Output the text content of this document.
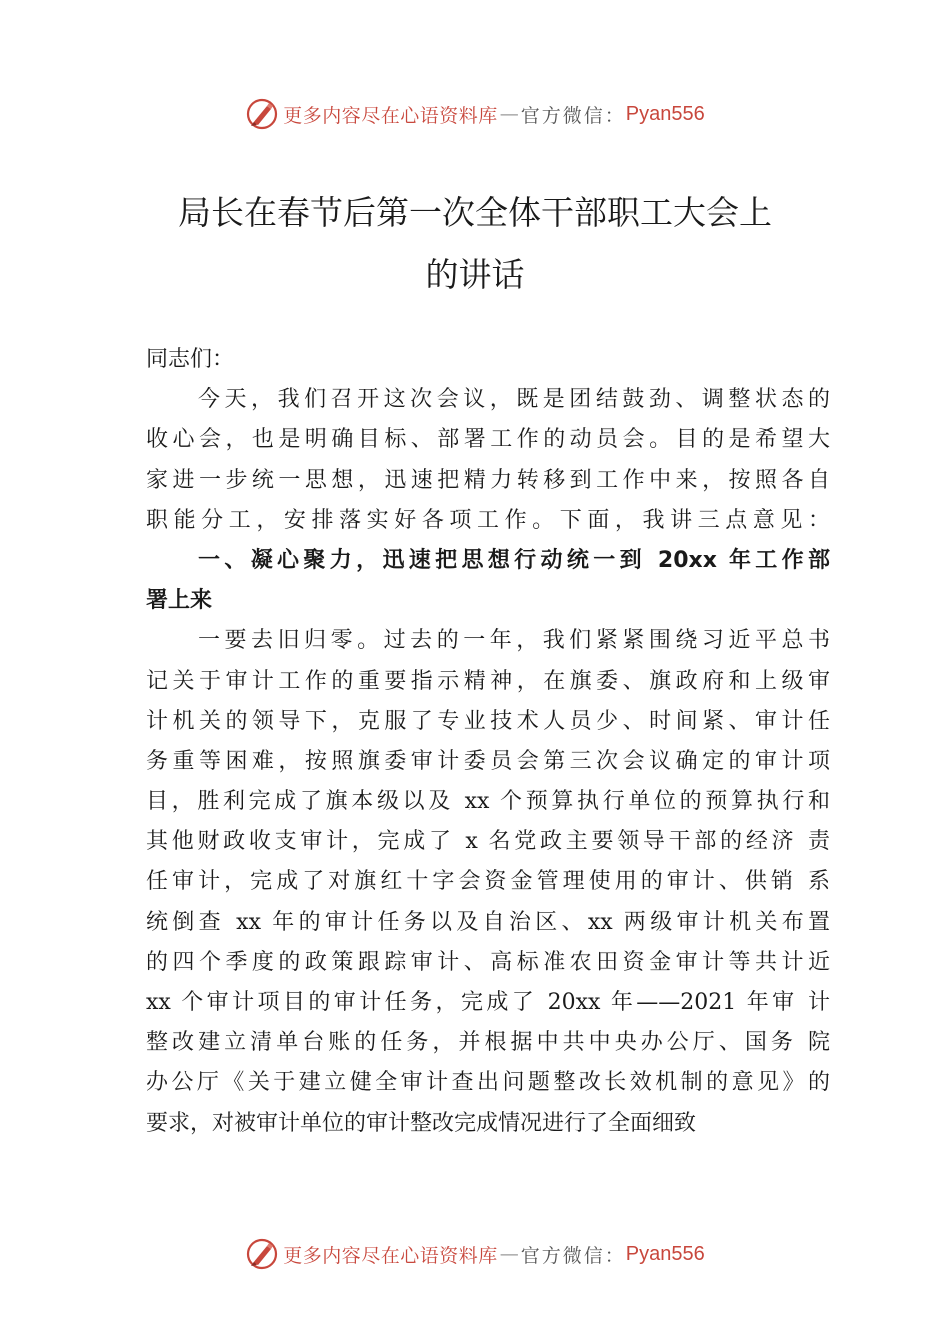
更多内容尽在心语资料库 — 官方微信： Pyan556
局长在春节后第一次全体干部职工大会上
的讲话
同志们：
今天，我们召开这次会议，既是团结鼓劲、调整状态的
收心会，也是明确目标、部署工作的动员会。目的是希望大
家进一步统一思想，迅速把精力转移到工作中来，按照各自
职能分工，安排落实好各项工作。下面，我讲三点意见：
一、凝心聚力，迅速把思想行动统一到 20xx 年工作部
署上来
一要去旧归零。过去的一年，我们紧紧围绕习近平总书
记关于审计工作的重要指示精神，在旗委、旗政府和上级审
计机关的领导下，克服了专业技术人员少、时间紧、审计任
务重等困难，按照旗委审计委员会第三次会议确定的审计项
目，胜利完成了旗本级以及 xx 个预算执行单位的预算执行和
其他财政收支审计，完成了 x 名党政主要领导干部的经济 责
任审计，完成了对旗红十字会资金管理使用的审计、供销 系
统倒查 xx 年的审计任务以及自治区、xx 两级审计机关布置
的四个季度的政策跟踪审计、高标准农田资金审计等共计近
xx 个审计项目的审计任务，完成了 20xx 年——2021 年审 计
整改建立清单台账的任务，并根据中共中央办公厅、国务 院
办公厅《关于建立健全审计查出问题整改长效机制的意见》的
要求，对被审计单位的审计整改完成情况进行了全面细致
更多内容尽在心语资料库 — 官方微信： Pyan556
